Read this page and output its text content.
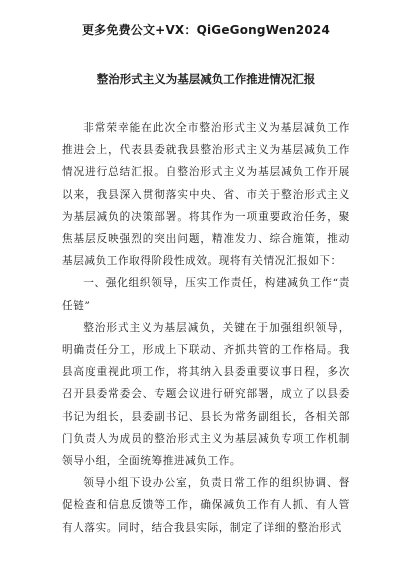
更多免费公文+VX：QiGeGongWen2024
整治形式主义为基层减负工作推进情况汇报

非常荣幸能在此次全市整治形式主义为基层减负工作推进会上，代表县委就我县整治形式主义为基层减负工作情况进行总结汇报。自整治形式主义为基层减负工作开展以来，我县深入贯彻落实中央、省、市关于整治形式主义为基层减负的决策部署。将其作为一项重要政治任务，聚焦基层反映强烈的突出问题，精准发力、综合施策，推动基层减负工作取得阶段性成效。现将有关情况汇报如下：

一、强化组织领导，压实工作责任，构建减负工作“责任链”

整治形式主义为基层减负，关键在于加强组织领导，明确责任分工，形成上下联动、齐抓共管的工作格局。我县高度重视此项工作，将其纳入县委重要议事日程，多次召开县委常委会、专题会议进行研究部署，成立了以县委书记为组长，县委副书记、县长为常务副组长，各相关部门负责人为成员的整治形式主义为基层减负专项工作机制领导小组，全面统筹推进减负工作。

领导小组下设办公室，负责日常工作的组织协调、督促检查和信息反馈等工作，确保减负工作有人抓、有人管有人落实。同时，结合我县实际，制定了详细的整治形式
